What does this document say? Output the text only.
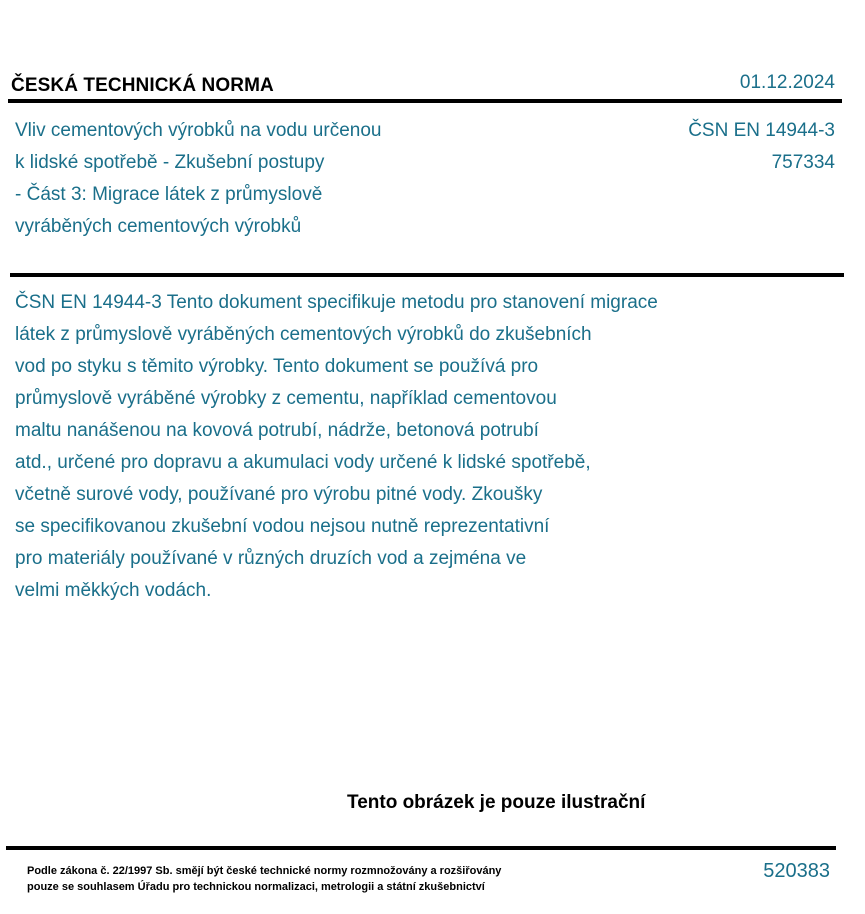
ČESKÁ TECHNICKÁ NORMA	01.12.2024
Vliv cementových výrobků na vodu určenou
k lidské spotřebě - Zkušební postupy
- Část 3: Migrace látek z průmyslově
vyráběných cementových výrobků
ČSN EN 14944-3
757334
ČSN EN 14944-3 Tento dokument specifikuje metodu pro stanovení migrace
látek z průmyslově vyráběných cementových výrobků do zkušebních
vod po styku s těmito výrobky. Tento dokument se používá pro
průmyslově vyráběné výrobky z cementu, například cementovou
maltu nanášenou na kovová potrubí, nádrže, betonová potrubí
atd., určené pro dopravu a akumulaci vody určené k lidské spotřebě,
včetně surové vody, používané pro výrobu pitné vody. Zkoušky
se specifikovanou zkušební vodou nejsou nutně reprezentativní
pro materiály používané v různých druzích vod a zejména ve
velmi měkkých vodách.
Tento obrázek je pouze ilustrační
Podle zákona č. 22/1997 Sb. smějí být české technické normy rozmnožovány a rozšiřovány
pouze se souhlasem Úřadu pro technickou normalizaci, metrologii a státní zkušebnictví
520383
